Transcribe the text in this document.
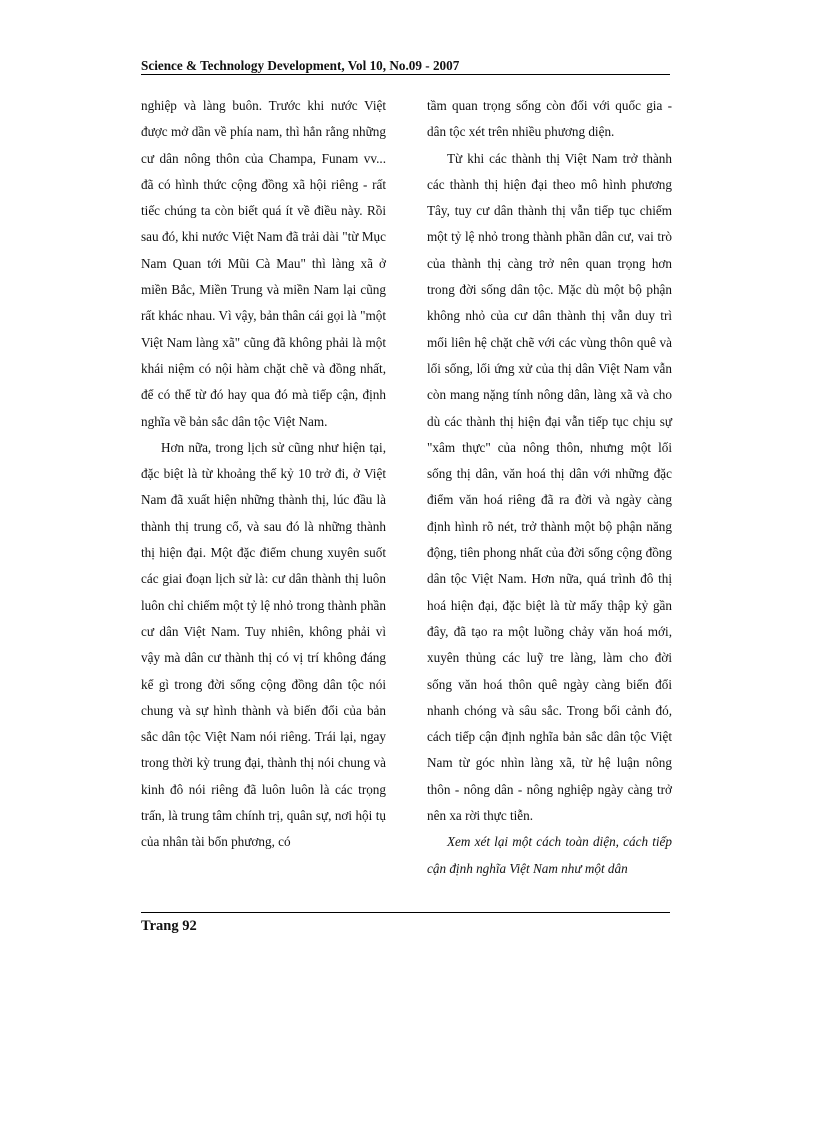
Science & Technology Development, Vol 10, No.09 - 2007

nghiệp và làng buôn. Trước khi nước Việt được mở dần về phía nam, thì hẳn rằng những cư dân nông thôn của Champa, Funam vv... đã có hình thức cộng đồng xã hội riêng - rất tiếc chúng ta còn biết quá ít về điều này. Rồi sau đó, khi nước Việt Nam đã trải dài "từ Mục Nam Quan tới Mũi Cà Mau" thì làng xã ở miền Bắc, Miền Trung và miền Nam lại cũng rất khác nhau. Vì vậy, bản thân cái gọi là "một Việt Nam làng xã" cũng đã không phải là một khái niệm có nội hàm chặt chẽ và đồng nhất, để có thể từ đó hay qua đó mà tiếp cận, định nghĩa về bản sắc dân tộc Việt Nam.

Hơn nữa, trong lịch sử cũng như hiện tại, đặc biệt là từ khoảng thế kỷ 10 trở đi, ở Việt Nam đã xuất hiện những thành thị, lúc đầu là thành thị trung cổ, và sau đó là những thành thị hiện đại. Một đặc điểm chung xuyên suốt các giai đoạn lịch sử là: cư dân thành thị luôn luôn chỉ chiếm một tỷ lệ nhỏ trong thành phần cư dân Việt Nam. Tuy nhiên, không phải vì vậy mà dân cư thành thị có vị trí không đáng kể gì trong đời sống cộng đồng dân tộc nói chung và sự hình thành và biến đổi của bản sắc dân tộc Việt Nam nói riêng. Trái lại, ngay trong thời kỳ trung đại, thành thị nói chung và kinh đô nói riêng đã luôn luôn là các trọng trấn, là trung tâm chính trị, quân sự, nơi hội tụ của nhân tài bốn phương, có

tầm quan trọng sống còn đối với quốc gia - dân tộc xét trên nhiều phương diện.

Từ khi các thành thị Việt Nam trở thành các thành thị hiện đại theo mô hình phương Tây, tuy cư dân thành thị vẫn tiếp tục chiếm một tỷ lệ nhỏ trong thành phần dân cư, vai trò của thành thị càng trở nên quan trọng hơn trong đời sống dân tộc. Mặc dù một bộ phận không nhỏ của cư dân thành thị vẫn duy trì mối liên hệ chặt chẽ với các vùng thôn quê và lối sống, lối ứng xử của thị dân Việt Nam vẫn còn mang nặng tính nông dân, làng xã và cho dù các thành thị hiện đại vẫn tiếp tục chịu sự "xâm thực" của nông thôn, nhưng một lối sống thị dân, văn hoá thị dân với những đặc điểm văn hoá riêng đã ra đời và ngày càng định hình rõ nét, trở thành một bộ phận năng động, tiên phong nhất của đời sống cộng đồng dân tộc Việt Nam. Hơn nữa, quá trình đô thị hoá hiện đại, đặc biệt là từ mấy thập kỷ gần đây, đã tạo ra một luồng chảy văn hoá mới, xuyên thủng các luỹ tre làng, làm cho đời sống văn hoá thôn quê ngày càng biến đổi nhanh chóng và sâu sắc. Trong bối cảnh đó, cách tiếp cận định nghĩa bản sắc dân tộc Việt Nam từ góc nhìn làng xã, từ hệ luận nông thôn - nông dân - nông nghiệp ngày càng trở nên xa rời thực tiễn.

Xem xét lại một cách toàn diện, cách tiếp cận định nghĩa Việt Nam như một dân

Trang 92
